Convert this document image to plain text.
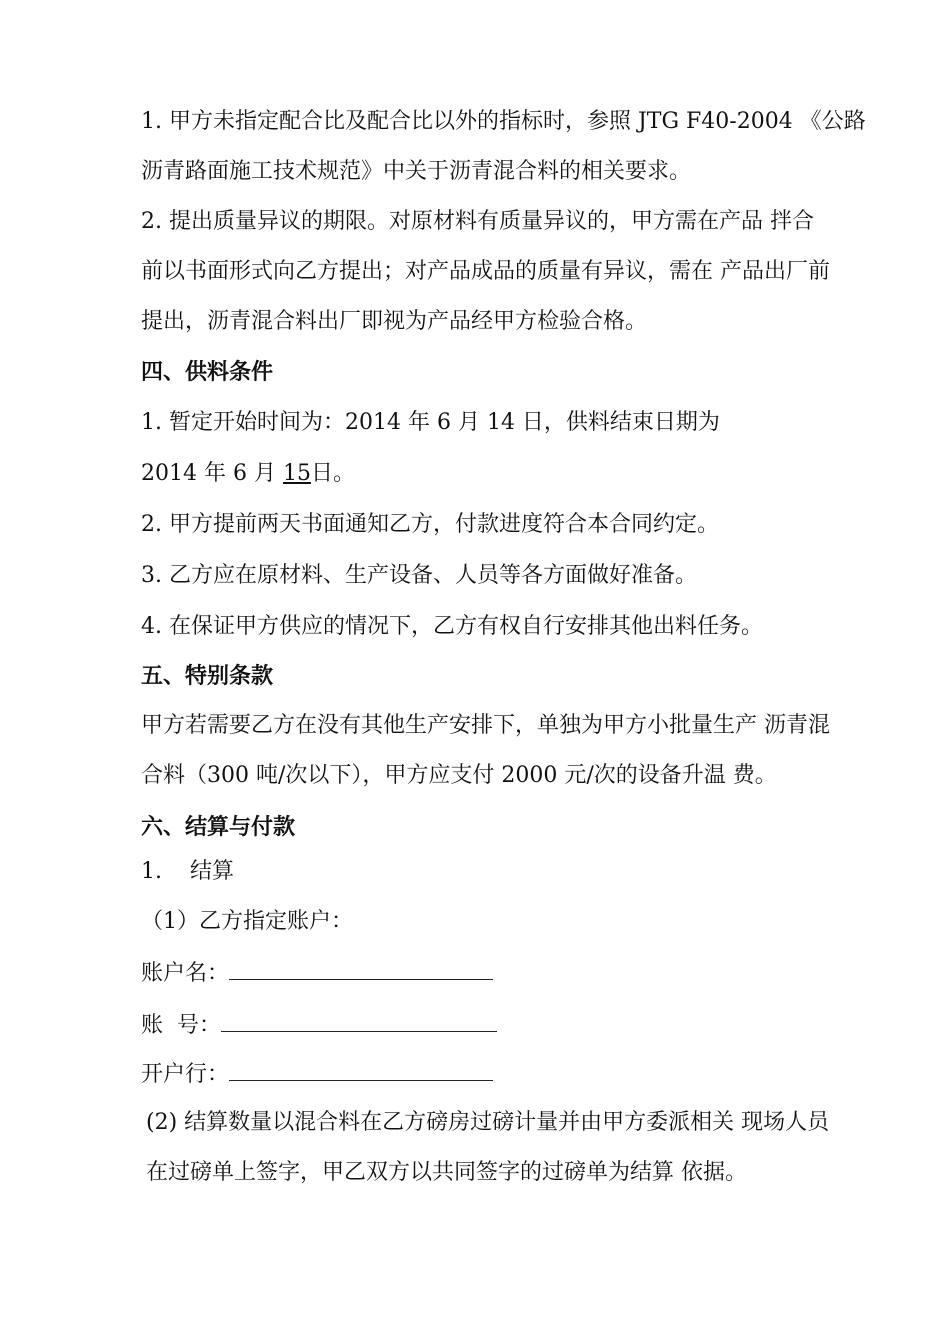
1. 甲方未指定配合比及配合比以外的指标时，参照 JTG F40-2004 《公路
沥青路面施工技术规范》中关于沥青混合料的相关要求。
2. 提出质量异议的期限。对原材料有质量异议的，甲方需在产品 拌合
前以书面形式向乙方提出；对产品成品的质量有异议，需在 产品出厂前
提出，沥青混合料出厂即视为产品经甲方检验合格。
四、供料条件
1. 暂定开始时间为：2014 年 6 月 14 日，供料结束日期为
2014 年 6 月 15日。
2. 甲方提前两天书面通知乙方，付款进度符合本合同约定。
3. 乙方应在原材料、生产设备、人员等各方面做好准备。
4. 在保证甲方供应的情况下，乙方有权自行安排其他出料任务。
五、特别条款
甲方若需要乙方在没有其他生产安排下，单独为甲方小批量生产 沥青混
合料（300 吨/次以下），甲方应支付 2000 元/次的设备升温 费。
六、结算与付款
1.    结算
（1）乙方指定账户：
账户名：
账  号：
开户行：
(2) 结算数量以混合料在乙方磅房过磅计量并由甲方委派相关 现场人员
在过磅单上签字，甲乙双方以共同签字的过磅单为结算 依据。
